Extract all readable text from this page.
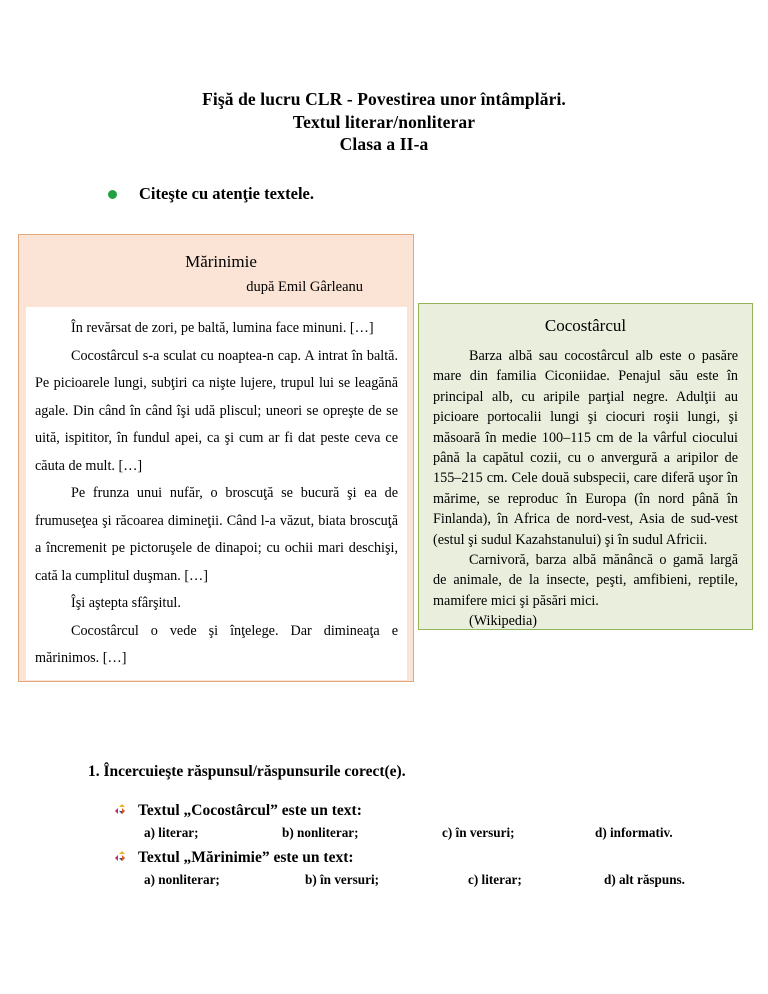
Fişă de lucru CLR - Povestirea unor întâmplări.
Textul literar/nonliterar
Clasa a II-a
Citeşte cu atenţie textele.
Mărinimie
după Emil Gârleanu

În revărsat de zori, pe baltă, lumina face minuni. […]

Cocostârcul s-a sculat cu noaptea-n cap. A intrat în baltă. Pe picioarele lungi, subţiri ca nişte lujere, trupul lui se leagănă agale. Din când în când îşi udă pliscul; uneori se opreşte de se uită, ispititor, în fundul apei, ca şi cum ar fi dat peste ceva ce căuta de mult. […]

Pe frunza unui nufăr, o broscuţă se bucură şi ea de frumuseţea şi răcoarea dimineţii. Când l-a văzut, biata broscuţă a încremenit pe pictoruşele de dinapoi; cu ochii mari deschişi, cată la cumplitul duşman. […]

Îşi aştepta sfârşitul.

Cocostârcul o vede şi înţelege. Dar dimineaţa e mărinimos. […]

Cocostârcul

Barza albă sau cocostârcul alb este o pasăre mare din familia Ciconiidae. Penajul său este în principal alb, cu aripile parţial negre. Adulţii au picioare portocalii lungi şi ciocuri roşii lungi, şi măsoară în medie 100–115 cm de la vârful ciocului până la capătul cozii, cu o anvergură a aripilor de 155–215 cm. Cele două subspecii, care diferă uşor în mărime, se reproduc în Europa (în nord până în Finlanda), în Africa de nord-vest, Asia de sud-vest (estul şi sudul Kazahstanului) şi în sudul Africii.

Carnivoră, barza albă mănâncă o gamă largă de animale, de la insecte, peşti, amfibieni, reptile, mamifere mici şi păsări mici.

(Wikipedia)

1. Încercuieşte răspunsul/răspunsurile corect(e).
Textul „Cocostârcul” este un text:
a) literar;	b) nonliterar;	c) în versuri;	d) informativ.
Textul „Mărinimie” este un text:
a) nonliterar;	b) în versuri;	c) literar;	d) alt răspuns.
